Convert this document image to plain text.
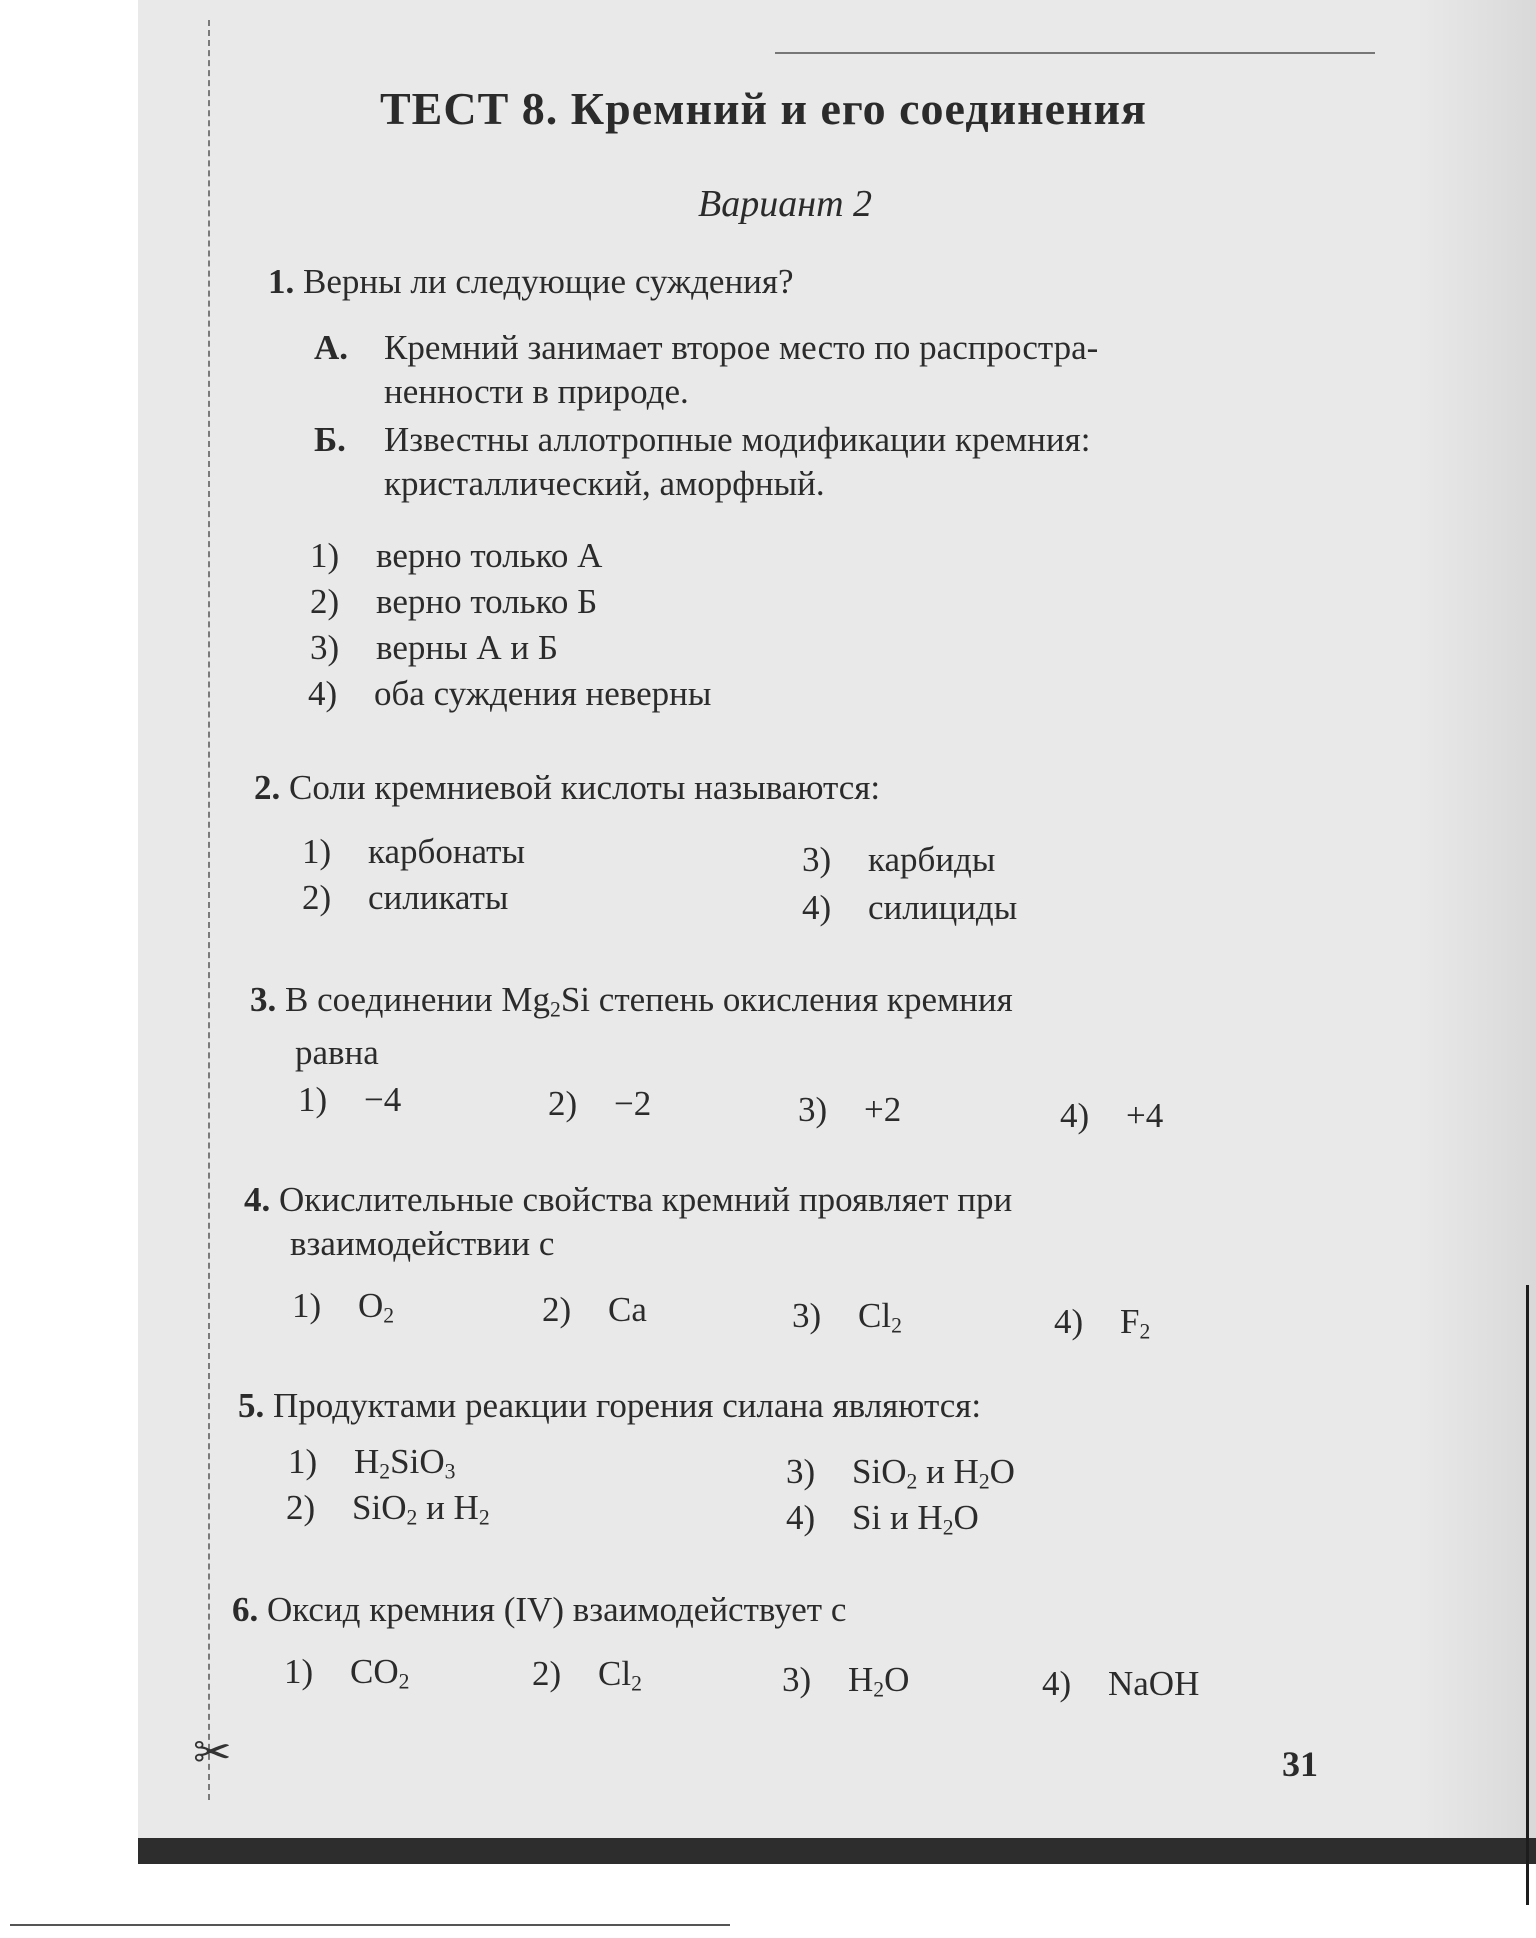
✂
ТЕСТ 8. Кремний и его соединения
Вариант 2
1. Верны ли следующие суждения?
А. Кремний занимает второе место по распростра-
ненности в природе.
Б. Известны аллотропные модификации кремния:
кристаллический, аморфный.
1) верно только А
2) верно только Б
3) верны А и Б
4) оба суждения неверны
2. Соли кремниевой кислоты называются:
1) карбонаты
2) силикаты
3) карбиды
4) силициды
3. В соединении $Mg_2Si$ степень окисления кремния
равна
1) −4	2) −2	3) +2	4) +4
4. Окислительные свойства кремний проявляет при
взаимодействии с
1) $O_2$	2) Ca	3) $Cl_2$	4) $F_2$
5. Продуктами реакции горения силана являются:
1) $H_2SiO_3$
2) SiO$_2$ и $H_2$
3) SiO$_2$ и $H_2O$
4) Si и $H_2O$
6. Оксид кремния (IV) взаимодействует с
1) $CO_2$	2) $Cl_2$	3) $H_2O$	4) NaOH
31
